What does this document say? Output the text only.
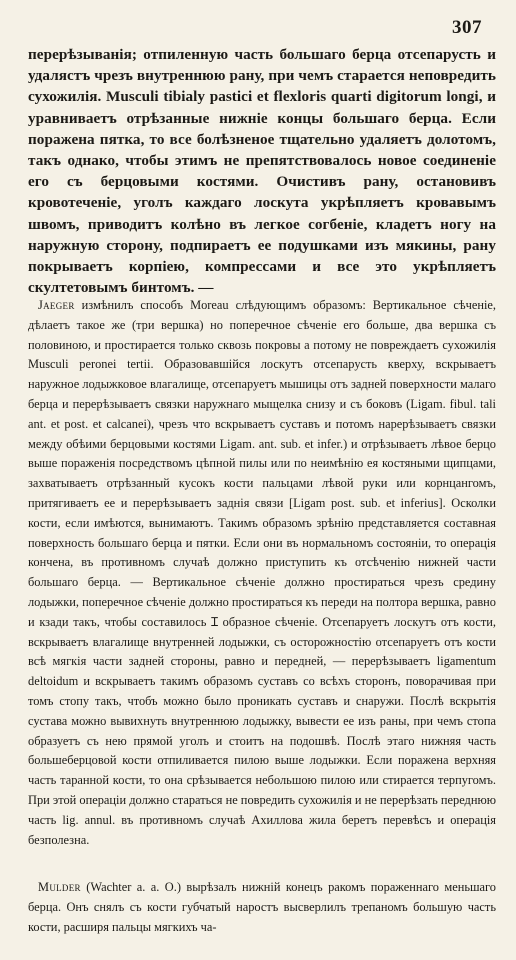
307
перерѣзыванія; отпиленную часть большаго берца отсепарусть и удалястъ чрезъ внутреннюю рану, при чемъ старается неповредить сухожилія. Musculi tibialy pastici et flexloris quarti digitorum longi, и уравниваетъ отрѣзанные нижніе концы большаго берца. Если поражена пятка, то все болѣзненое тщательно удаляетъ долотомъ, такъ однако, чтобы этимъ не препятствовалось новое соединеніе его съ берцовыми костями. Очистивъ рану, остановивъ кровотеченіе, уголъ каждаго лоскута укрѣпляетъ кровавымъ швомъ, приводитъ колѣно въ легкое согбеніе, кладетъ ногу на наружную сторону, подпираетъ ее подушками изъ мякины, рану покрываетъ корпіею, компрессами и все это укрѣпляетъ скултетовымъ бинтомъ. —
Jaeger измѣнилъ способъ Moreau слѣдующимъ образомъ: Вертикальное сѣченіе, дѣлаетъ такое же (три вершка) но поперечное сѣченіе его больше, два вершка съ половиною, и простирается только сквозь покровы а потому не повреждаетъ сухожилія Musculi peronei tertii. Образовавшійся лоскутъ отсепарусть кверху, вскрываетъ наружное лодыжковое влагалище, отсепаруетъ мышицы отъ задней поверхности малаго берца и перерѣзываетъ связки наружнаго мыщелка снизу и съ боковъ (Ligam. fibul. tali ant. et post. et calcanei), чрезъ что вскрываетъ суставъ и потомъ нарерѣзываетъ связки между обѣими берцовыми костями Ligam. ant. sub. et infer.) и отрѣзываетъ лѣвое берцо выше пораженія посредствомъ цѣпной пилы или по неимѣнію ея костяными щипцами, захватываетъ отрѣзанный кусокъ кости пальцами лѣвой руки или корнцангомъ, притягиваетъ ее и перерѣзываетъ заднія связи [Ligam post. sub. et inferius]. Осколки кости, если имѣются, вынимаютъ. Такимъ образомъ зрѣнію представляется составная поверхность большаго берца и пятки. Если они въ нормальномъ состояніи, то операція кончена, въ противномъ случаѣ должно приступить къ отсѣченію нижней части большаго берца. — Вертикальное сѣченіе должно простираться чрезъ средину лодыжки, поперечное сѣченіе должно простираться къ переди на полтора вершка, равно и кзади такъ, чтобы составилось Ɪ образное сѣченіе. Отсепаруетъ лоскутъ отъ кости, вскрываетъ влагалище внутренней лодыжки, съ осторожностію отсепаруетъ отъ кости всѣ мягкія части задней стороны, равно и передней, — перерѣзываетъ ligamentum deltoidum и вскрываетъ такимъ образомъ суставъ со всѣхъ сторонъ, поворачивая при томъ стопу такъ, чтобъ можно было проникать суставъ и снаружи. Послѣ вскрытія сустава можно вывихнуть внутреннюю лодыжку, вывести ее изъ раны, при чемъ стопа образуетъ съ нею прямой уголъ и стоитъ на подошвѣ. Послѣ этаго нижняя часть большеберцовой кости отпиливается пилою выше лодыжки. Если поражена верхняя часть таранной кости, то она срѣзывается небольшою пилою или стирается терпугомъ. При этой операціи должно стараться не повредить сухожилія и не перерѣзать переднюю часть lig. annul. въ противномъ случаѣ Ахиллова жила беретъ перевѣсъ и операція безполезна.
Mulder (Wachter a. a. O.) вырѣзалъ нижній конецъ ракомъ пораженнаго меньшаго берца. Онъ снялъ съ кости губчатый наростъ высверлилъ трепаномъ большую часть кости, расширя пальцы мягкихъ ча-
